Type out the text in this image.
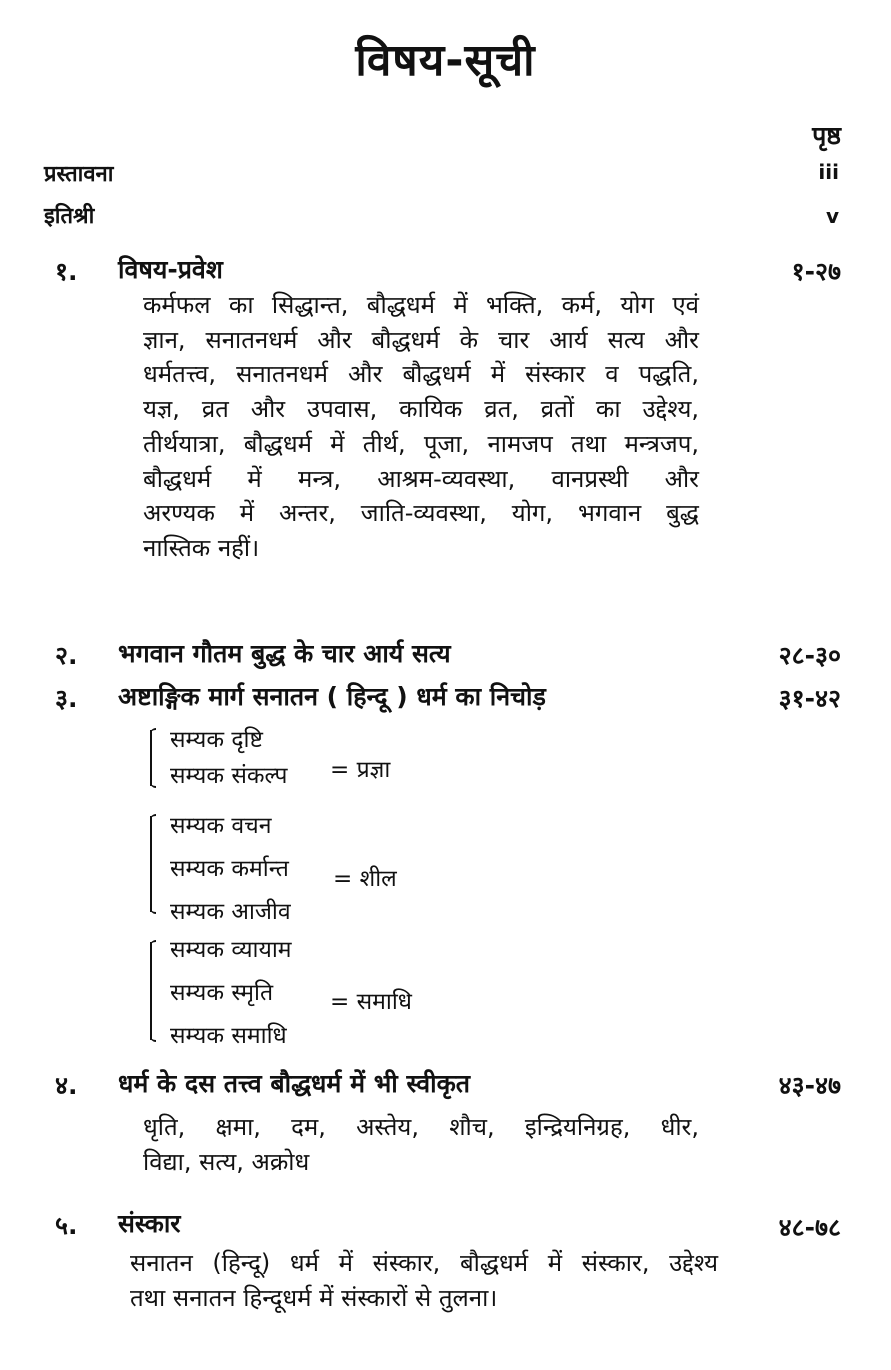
विषय-सूची
पृष्ठ
प्रस्तावना	iii
इतिश्री	v
१. विषय-प्रवेश	१-२७
कर्मफल का सिद्धान्त, बौद्धधर्म में भक्ति, कर्म, योग एवं
ज्ञान, सनातनधर्म और बौद्धधर्म के चार आर्य सत्य और
धर्मतत्त्व, सनातनधर्म और बौद्धधर्म में संस्कार व पद्धति,
यज्ञ, व्रत और उपवास, कायिक व्रत, व्रतों का उद्देश्य,
तीर्थयात्रा, बौद्धधर्म में तीर्थ, पूजा, नामजप तथा मन्त्रजप,
बौद्धधर्म में मन्त्र, आश्रम-व्यवस्था, वानप्रस्थी और
अरण्यक में अन्तर, जाति-व्यवस्था, योग, भगवान बुद्ध
नास्तिक नहीं।
२. भगवान गौतम बुद्ध के चार आर्य सत्य	२८-३०
३. अष्टाङ्गिक मार्ग सनातन ( हिन्दू ) धर्म का निचोड़	३१-४२
सम्यक दृष्टि
सम्यक संकल्प = प्रज्ञा
सम्यक वचन
सम्यक कर्मान्त
सम्यक आजीव
= शील
सम्यक व्यायाम
सम्यक स्मृति
सम्यक समाधि
= समाधि
४. धर्म के दस तत्त्व बौद्धधर्म में भी स्वीकृत	४३-४७
धृति, क्षमा, दम, अस्तेय, शौच, इन्द्रियनिग्रह, धीर,
विद्या, सत्य, अक्रोध
५. संस्कार	४८-७८
सनातन (हिन्दू) धर्म में संस्कार, बौद्धधर्म में संस्कार, उद्देश्य
तथा सनातन हिन्दूधर्म में संस्कारों से तुलना।
